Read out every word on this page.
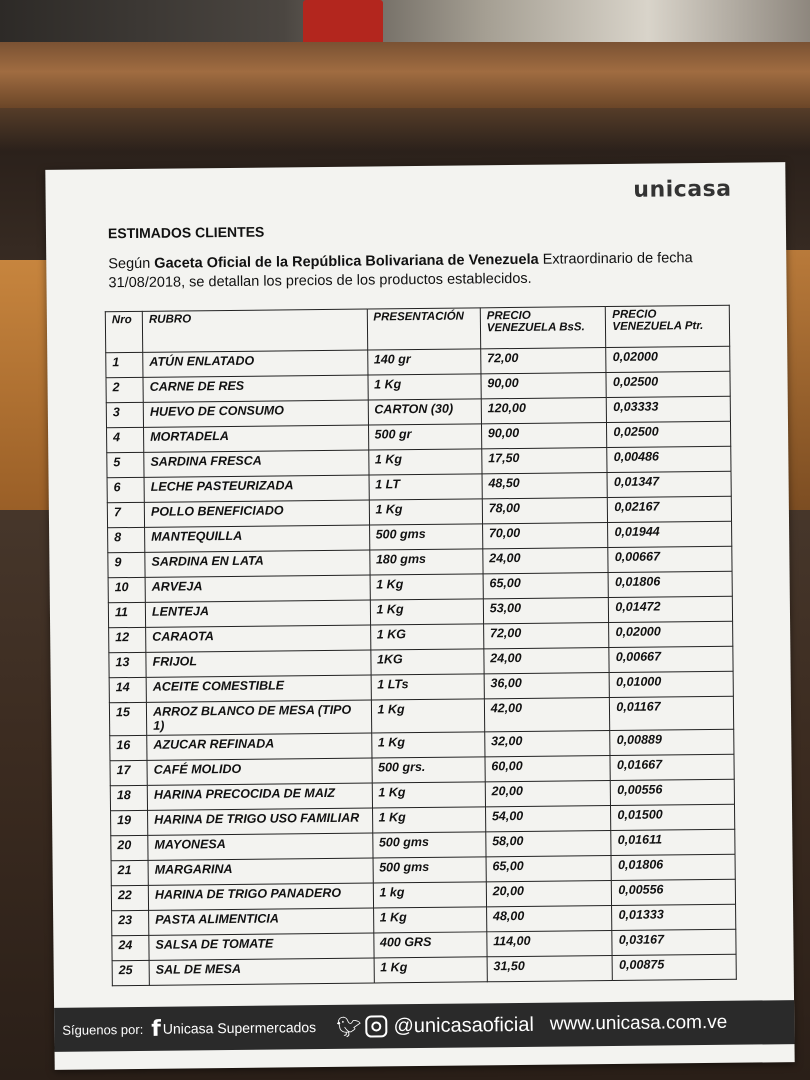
unicasa
ESTIMADOS CLIENTES
Según Gaceta Oficial de la República Bolivariana de Venezuela Extraordinario de fecha 31/08/2018, se detallan los precios de los productos establecidos.
Nro	RUBRO	PRESENTACIÓN	PRECIO VENEZUELA BsS.	PRECIO VENEZUELA Ptr.
1	ATÚN ENLATADO	140 gr	72,00	0,02000
2	CARNE DE RES	1 Kg	90,00	0,02500
3	HUEVO DE CONSUMO	CARTON (30)	120,00	0,03333
4	MORTADELA	500 gr	90,00	0,02500
5	SARDINA FRESCA	1 Kg	17,50	0,00486
6	LECHE PASTEURIZADA	1 LT	48,50	0,01347
7	POLLO BENEFICIADO	1 Kg	78,00	0,02167
8	MANTEQUILLA	500 gms	70,00	0,01944
9	SARDINA EN LATA	180 gms	24,00	0,00667
10	ARVEJA	1 Kg	65,00	0,01806
11	LENTEJA	1 Kg	53,00	0,01472
12	CARAOTA	1 KG	72,00	0,02000
13	FRIJOL	1KG	24,00	0,00667
14	ACEITE COMESTIBLE	1 LTs	36,00	0,01000
15	ARROZ BLANCO DE MESA (TIPO 1)	1 Kg	42,00	0,01167
16	AZUCAR REFINADA	1 Kg	32,00	0,00889
17	CAFÉ MOLIDO	500 grs.	60,00	0,01667
18	HARINA PRECOCIDA DE MAIZ	1 Kg	20,00	0,00556
19	HARINA DE TRIGO USO FAMILIAR	1 Kg	54,00	0,01500
20	MAYONESA	500 gms	58,00	0,01611
21	MARGARINA	500 gms	65,00	0,01806
22	HARINA DE TRIGO PANADERO	1 kg	20,00	0,00556
23	PASTA ALIMENTICIA	1 Kg	48,00	0,01333
24	SALSA DE TOMATE	400 GRS	114,00	0,03167
25	SAL DE MESA	1 Kg	31,50	0,00875
Síguenos por: f Unicasa Supermercados 🐦︎ @unicasaoficial www.unicasa.com.ve
